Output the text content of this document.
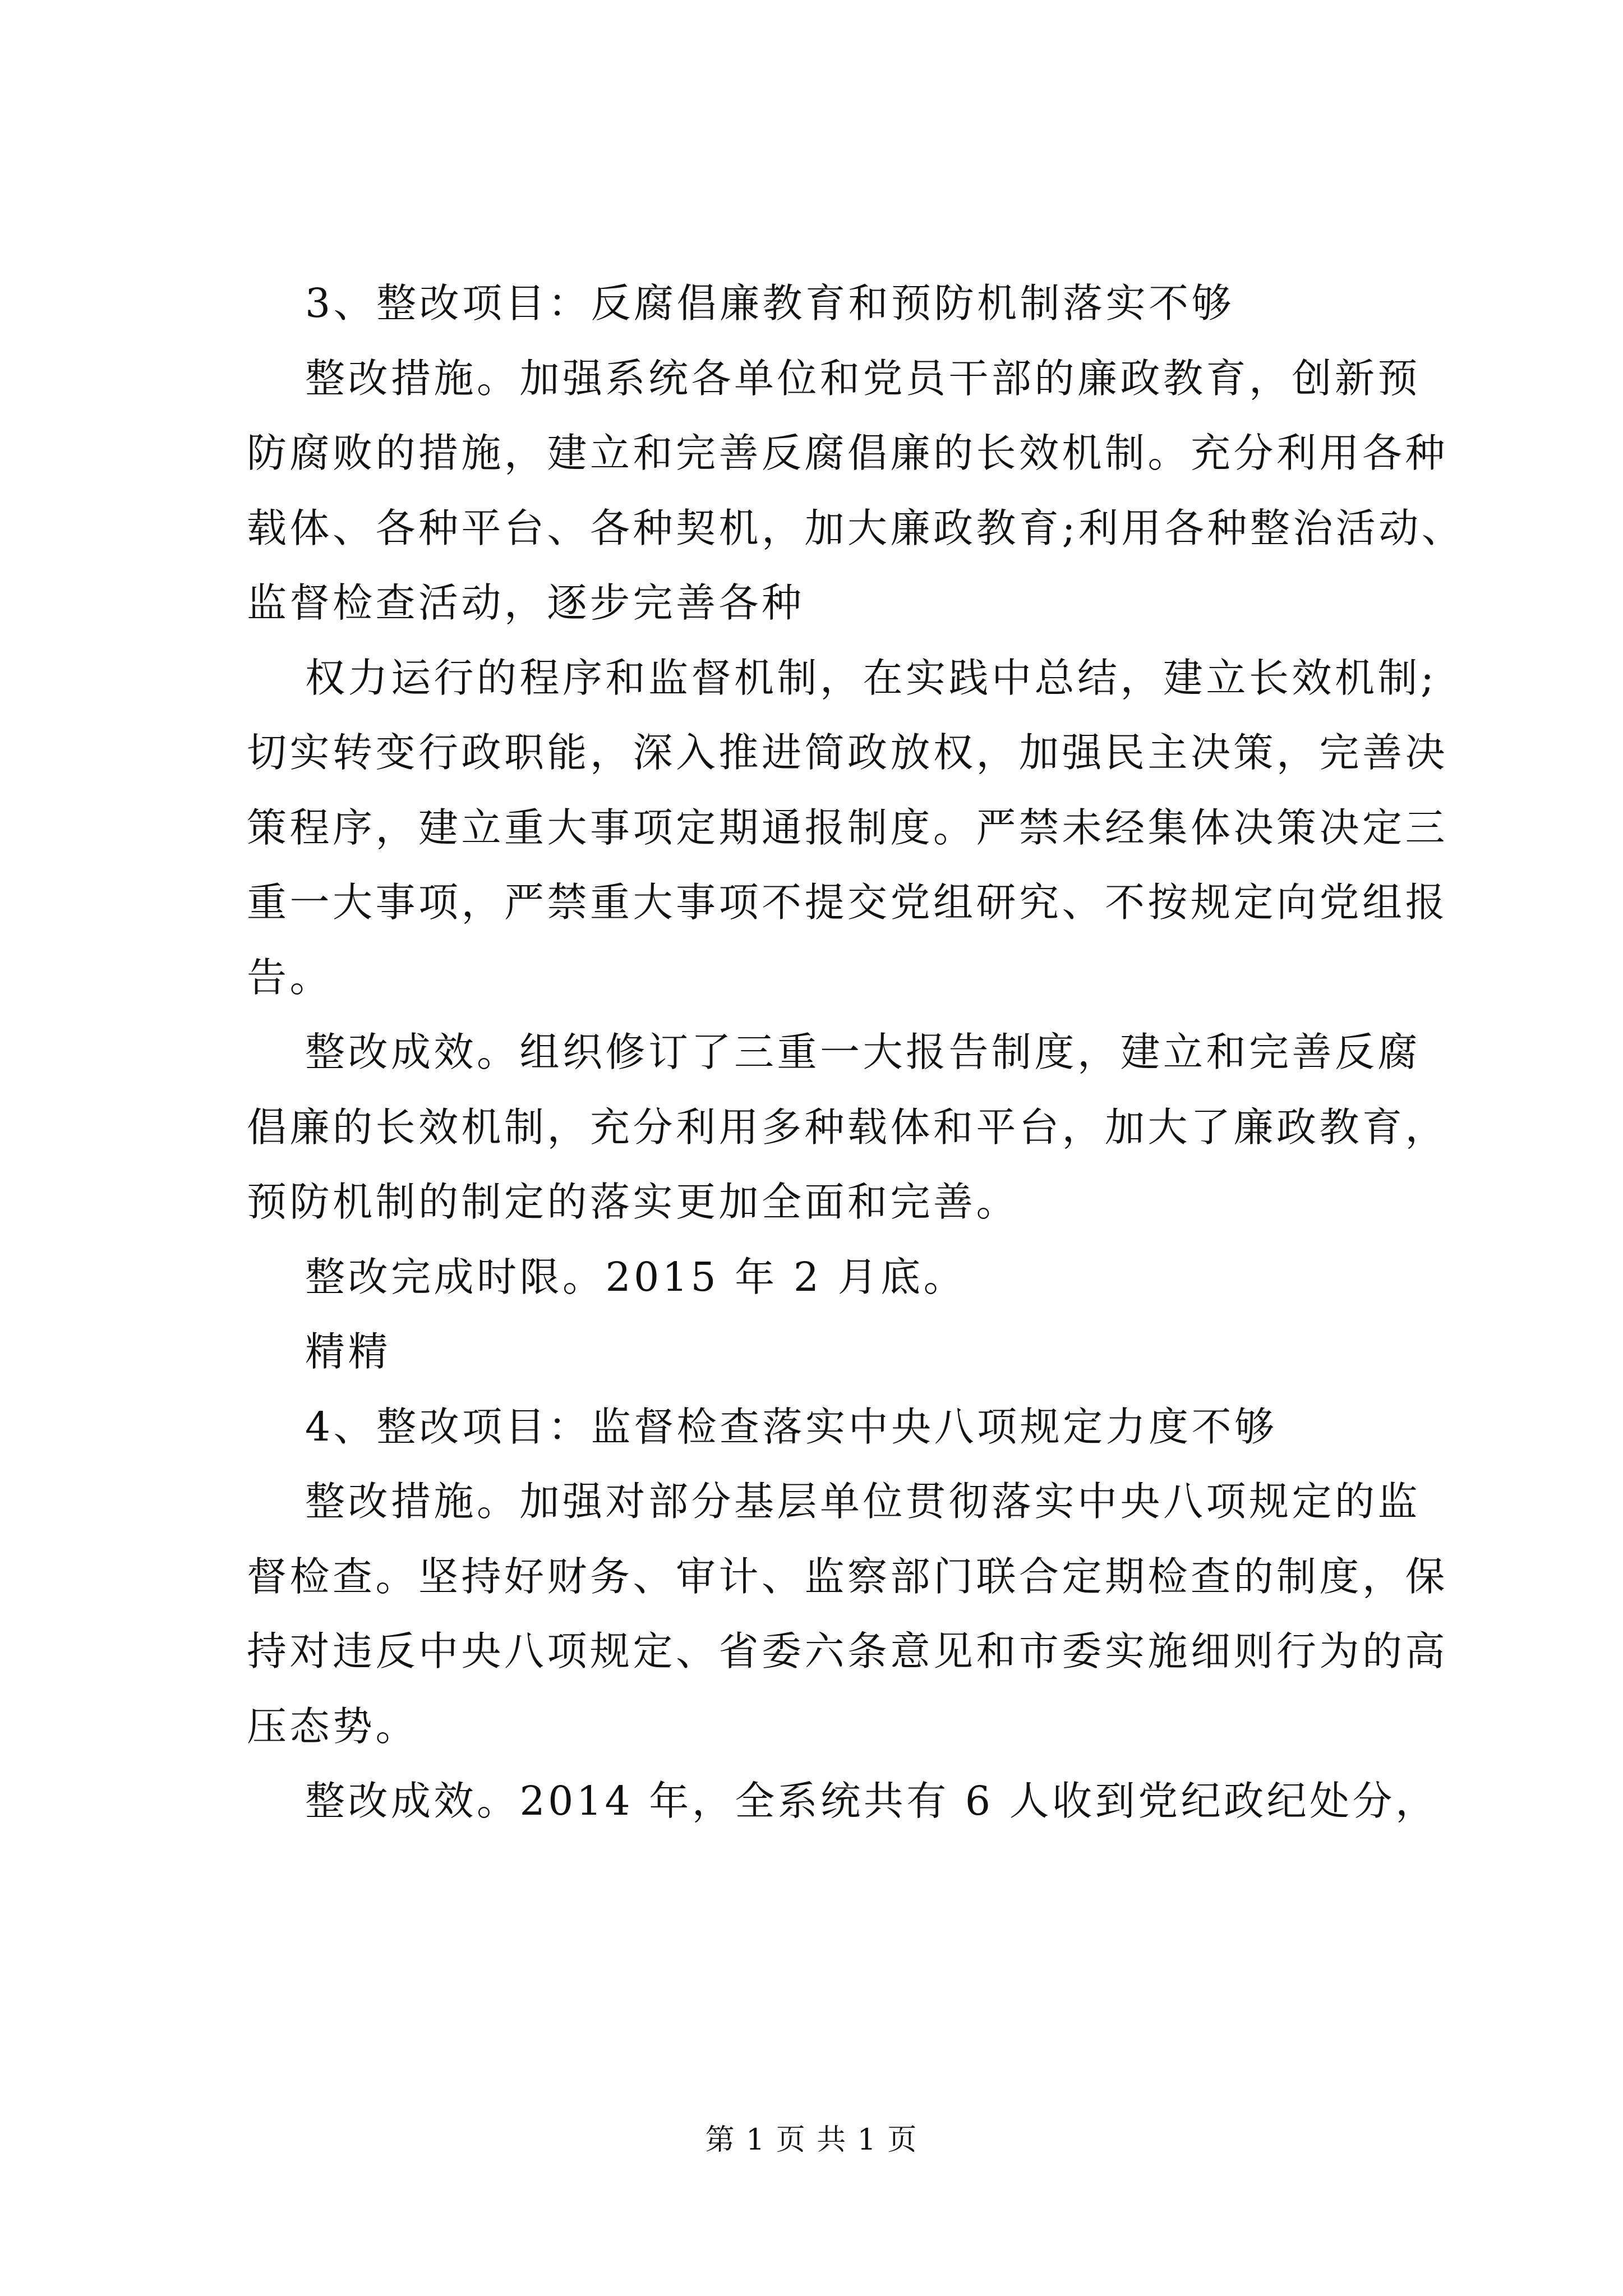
3、整改项目：反腐倡廉教育和预防机制落实不够
整改措施。加强系统各单位和党员干部的廉政教育，创新预
防腐败的措施，建立和完善反腐倡廉的长效机制。充分利用各种
载体、各种平台、各种契机，加大廉政教育;利用各种整治活动、
监督检查活动，逐步完善各种
权力运行的程序和监督机制，在实践中总结，建立长效机制;
切实转变行政职能，深入推进简政放权，加强民主决策，完善决
策程序，建立重大事项定期通报制度。严禁未经集体决策决定三
重一大事项，严禁重大事项不提交党组研究、不按规定向党组报
告。
整改成效。组织修订了三重一大报告制度，建立和完善反腐
倡廉的长效机制，充分利用多种载体和平台，加大了廉政教育，
预防机制的制定的落实更加全面和完善。
整改完成时限。2015 年 2 月底。
精精
4、整改项目：监督检查落实中央八项规定力度不够
整改措施。加强对部分基层单位贯彻落实中央八项规定的监
督检查。坚持好财务、审计、监察部门联合定期检查的制度，保
持对违反中央八项规定、省委六条意见和市委实施细则行为的高
压态势。
整改成效。2014 年，全系统共有 6 人收到党纪政纪处分，
第 1 页 共 1 页
